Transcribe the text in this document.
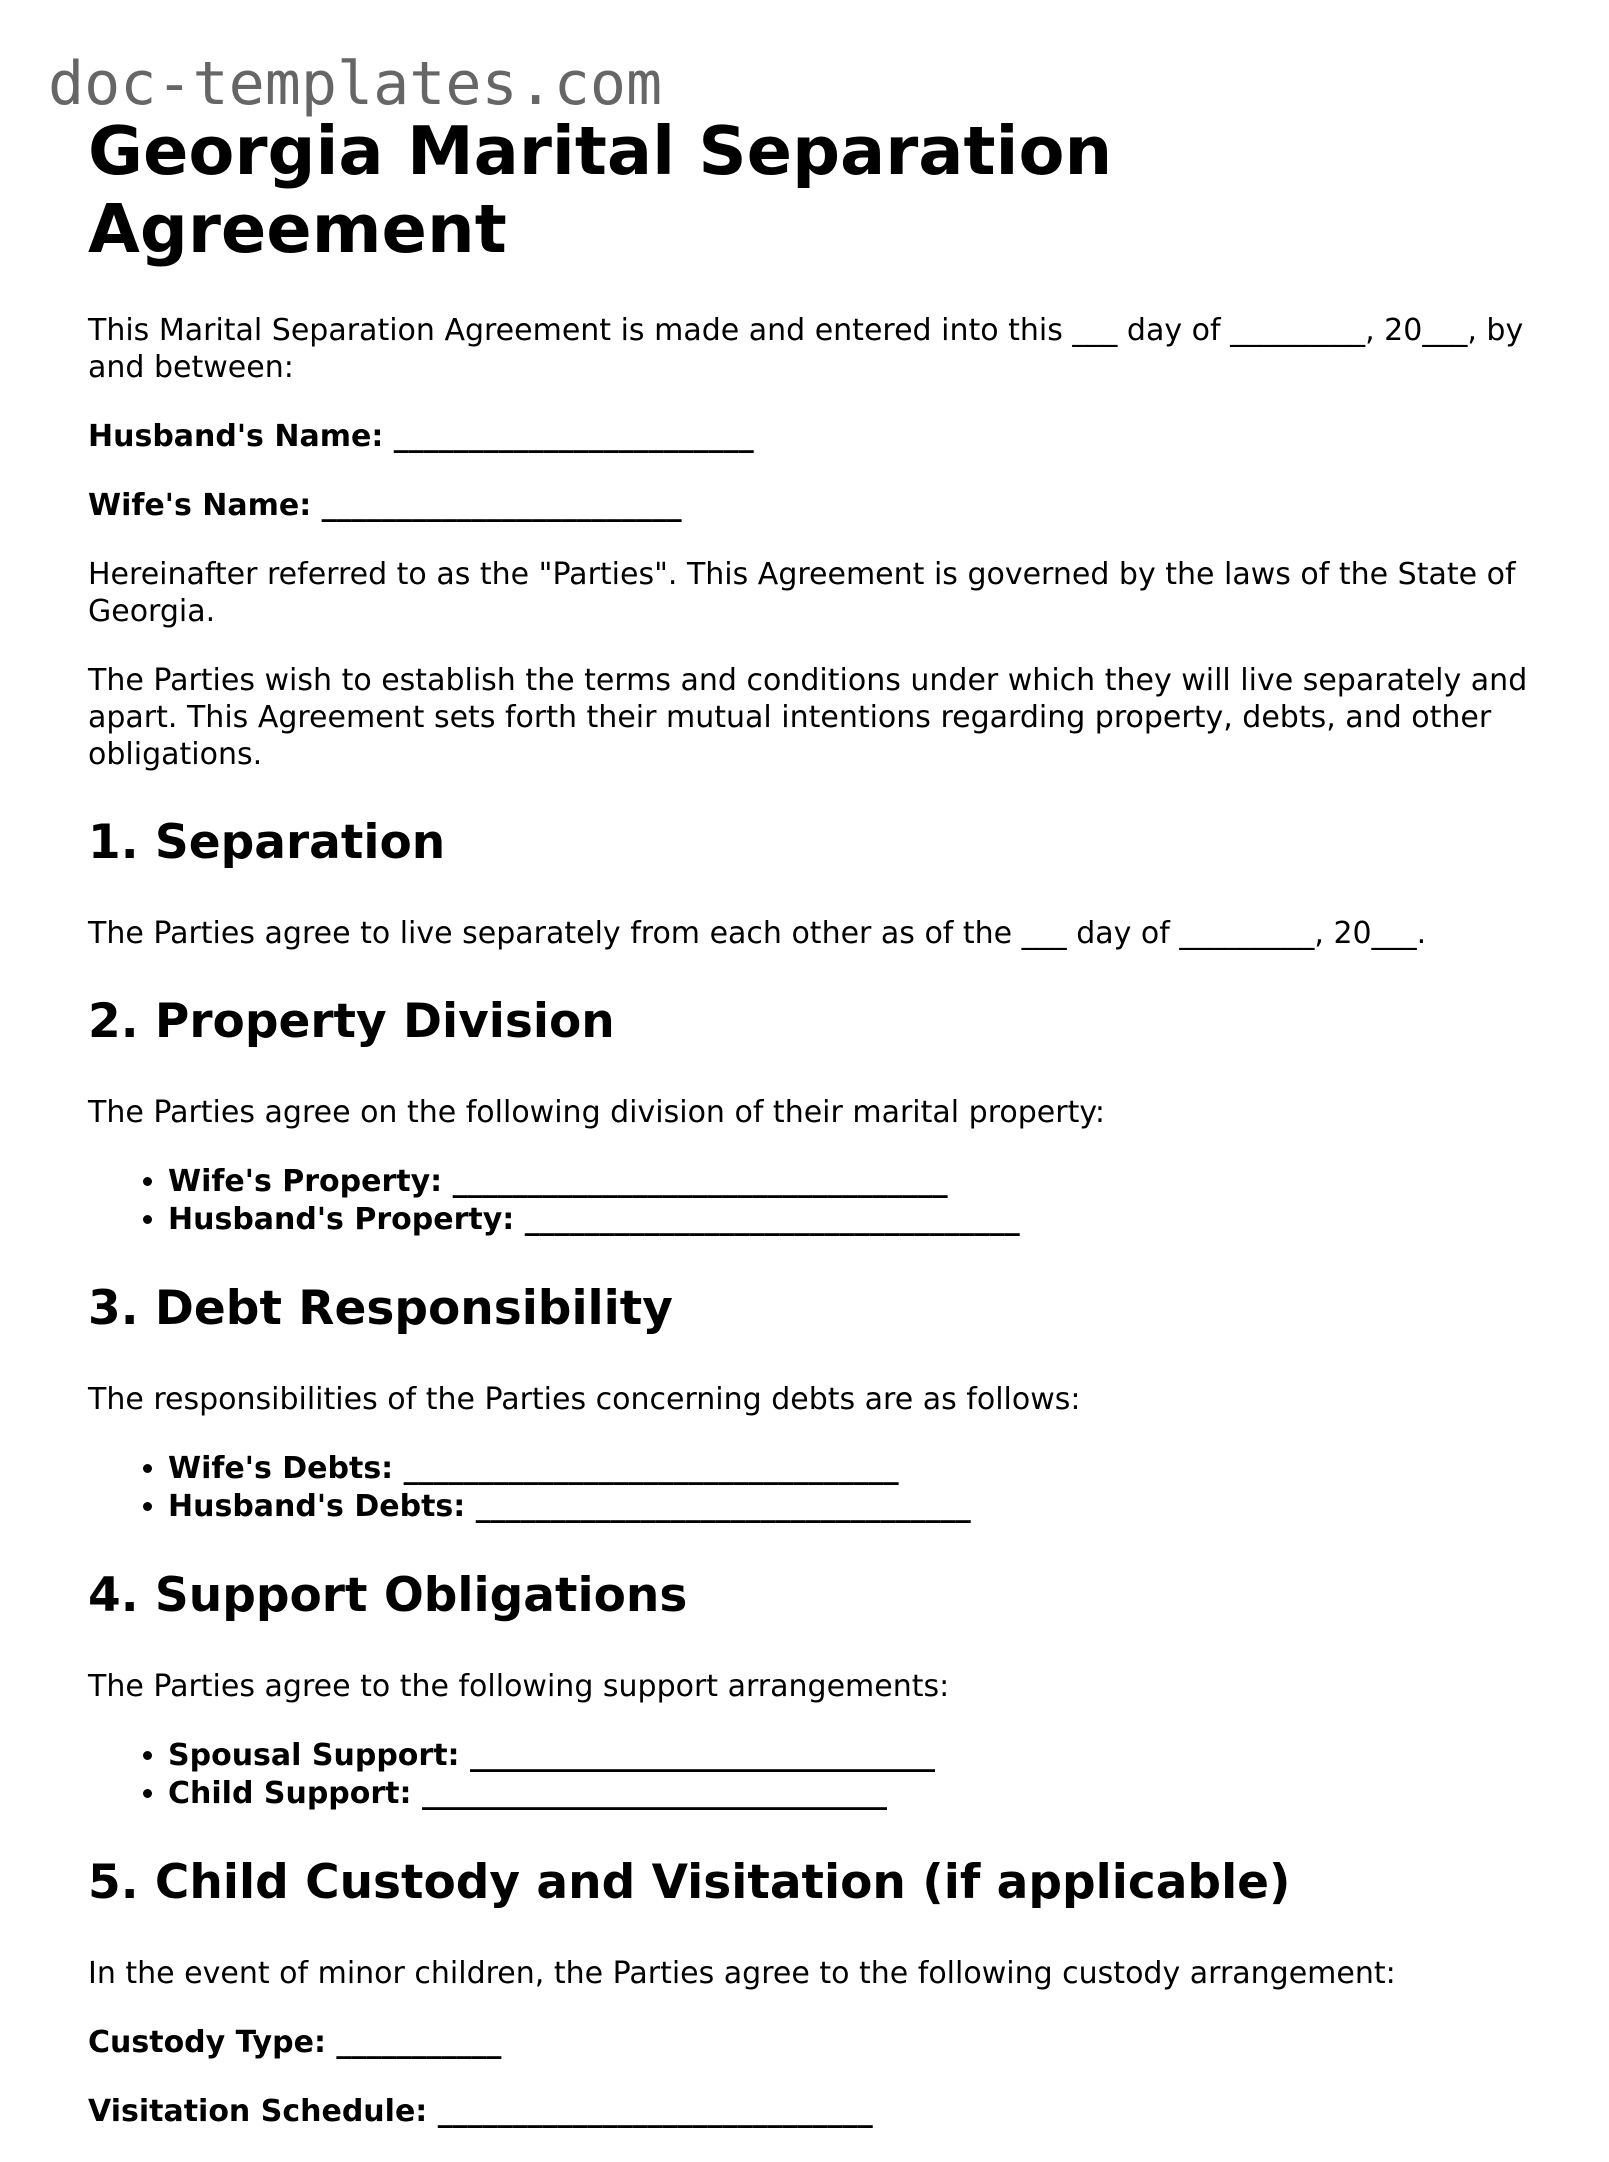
doc-templates.com
Georgia Marital Separation Agreement

This Marital Separation Agreement is made and entered into this ___ day of _________, 20___, by and between:

Husband's Name: ________________________
Wife's Name: ________________________

Hereinafter referred to as the "Parties". This Agreement is governed by the laws of the State of Georgia.

The Parties wish to establish the terms and conditions under which they will live separately and apart. This Agreement sets forth their mutual intentions regarding property, debts, and other obligations.

1. Separation

The Parties agree to live separately from each other as of the ___ day of _________, 20___.

2. Property Division

The Parties agree on the following division of their marital property:

• Wife's Property: _________________________________
• Husband's Property: _________________________________
3. Debt Responsibility

The responsibilities of the Parties concerning debts are as follows:

• Wife's Debts: _________________________________
• Husband's Debts: _________________________________
4. Support Obligations

The Parties agree to the following support arrangements:

• Spousal Support: _______________________________
• Child Support: _______________________________
5. Child Custody and Visitation (if applicable)

In the event of minor children, the Parties agree to the following custody arrangement:

Custody Type: ___________
Visitation Schedule: _____________________________
